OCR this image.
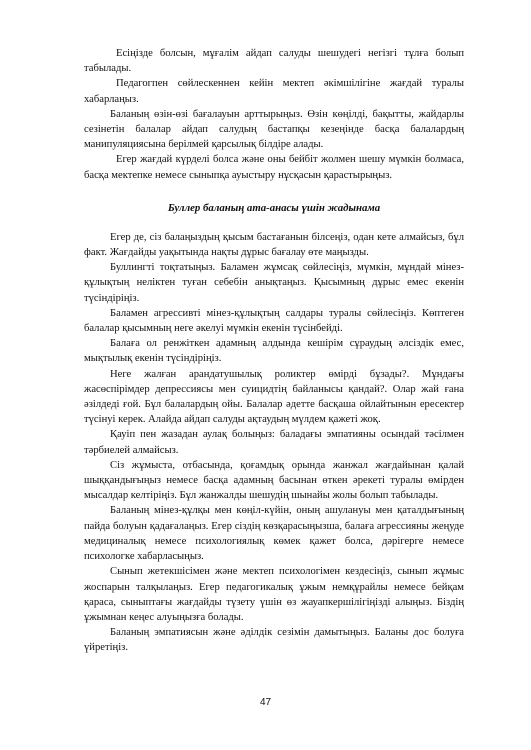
Есіңізде болсын, мұғалім айдап салуды шешудегі негізгі тұлға болып табылады.

Педагогпен сөйлескеннен кейін мектеп әкімшілігіне жағдай туралы хабарлаңыз.

Баланың өзін-өзі бағалауын арттырыңыз. Өзін көңілді, бақытты, жайдарлы сезінетін балалар айдап салудың бастапқы кезеңінде басқа балалардың манипуляциясына берілмей қарсылық білдіре алады.

Егер жағдай күрделі болса және оны бейбіт жолмен шешу мүмкін болмаса, басқа мектепке немесе сыныпқа ауыстыру нұсқасын қарастырыңыз.

Буллер баланың ата-анасы үшін жадынама

Егер де, сіз балаңыздың қысым бастағанын білсеңіз, одан кете алмайсыз, бұл факт. Жағдайды уақытында нақты дұрыс бағалау өте маңызды.

Буллингті тоқтатыңыз. Баламен жұмсақ сөйлесіңіз, мүмкін, мұндай мінез-құлықтың неліктен туған себебін анықтаңыз. Қысымның дұрыс емес екенін түсіндіріңіз.

Баламен агрессивті мінез-құлықтың салдары туралы сөйлесіңіз. Көптеген балалар қысымның неге әкелуі мүмкін екенін түсінбейді.

Балаға ол ренжіткен адамның алдында кешірім сұраудың әлсіздік емес, мықтылық екенін түсіндіріңіз.

Неге жалған арандатушылық роликтер өмірді бұзады?. Мұндағы жасөспірімдер депрессиясы мен суицидтің байланысы қандай?. Олар жай ғана әзілдеді ғой. Бұл балалардың ойы. Балалар әдетте басқаша ойлайтынын ересектер түсінуі керек. Алайда айдап салуды ақтаудың мүлдем қажеті жоқ.

Қауіп пен жазадан аулақ болыңыз: баладағы эмпатияны осындай тәсілмен тәрбиелей алмайсыз.

Сіз жұмыста, отбасында, қоғамдық орында жанжал жағдайынан қалай шыққандығыңыз немесе басқа адамның басынан өткен әрекеті туралы өмірден мысалдар келтіріңіз. Бұл жанжалды шешудің шынайы жолы болып табылады.

Баланың мінез-құлқы мен көңіл-күйін, оның ашулануы мен қаталдығының пайда болуын қадағалаңыз. Егер сіздің көзқарасыңызша, балаға агрессияны жеңуде медициналық немесе психологиялық көмек қажет болса, дәрігерге немесе психологке хабарласыңыз.

Сынып жетекшісімен және мектеп психологімен кездесіңіз, сынып жұмыс жоспарын талқылаңыз. Егер педагогикалық ұжым немқұрайлы немесе бейқам қараса, сыныптағы жағдайды түзету үшін өз жауапкершілігіңізді алыңыз. Біздің ұжымнан кеңес алуыңызға болады.

Баланың эмпатиясын және әділдік сезімін дамытыңыз. Баланы дос болуға үйретіңіз.

47
